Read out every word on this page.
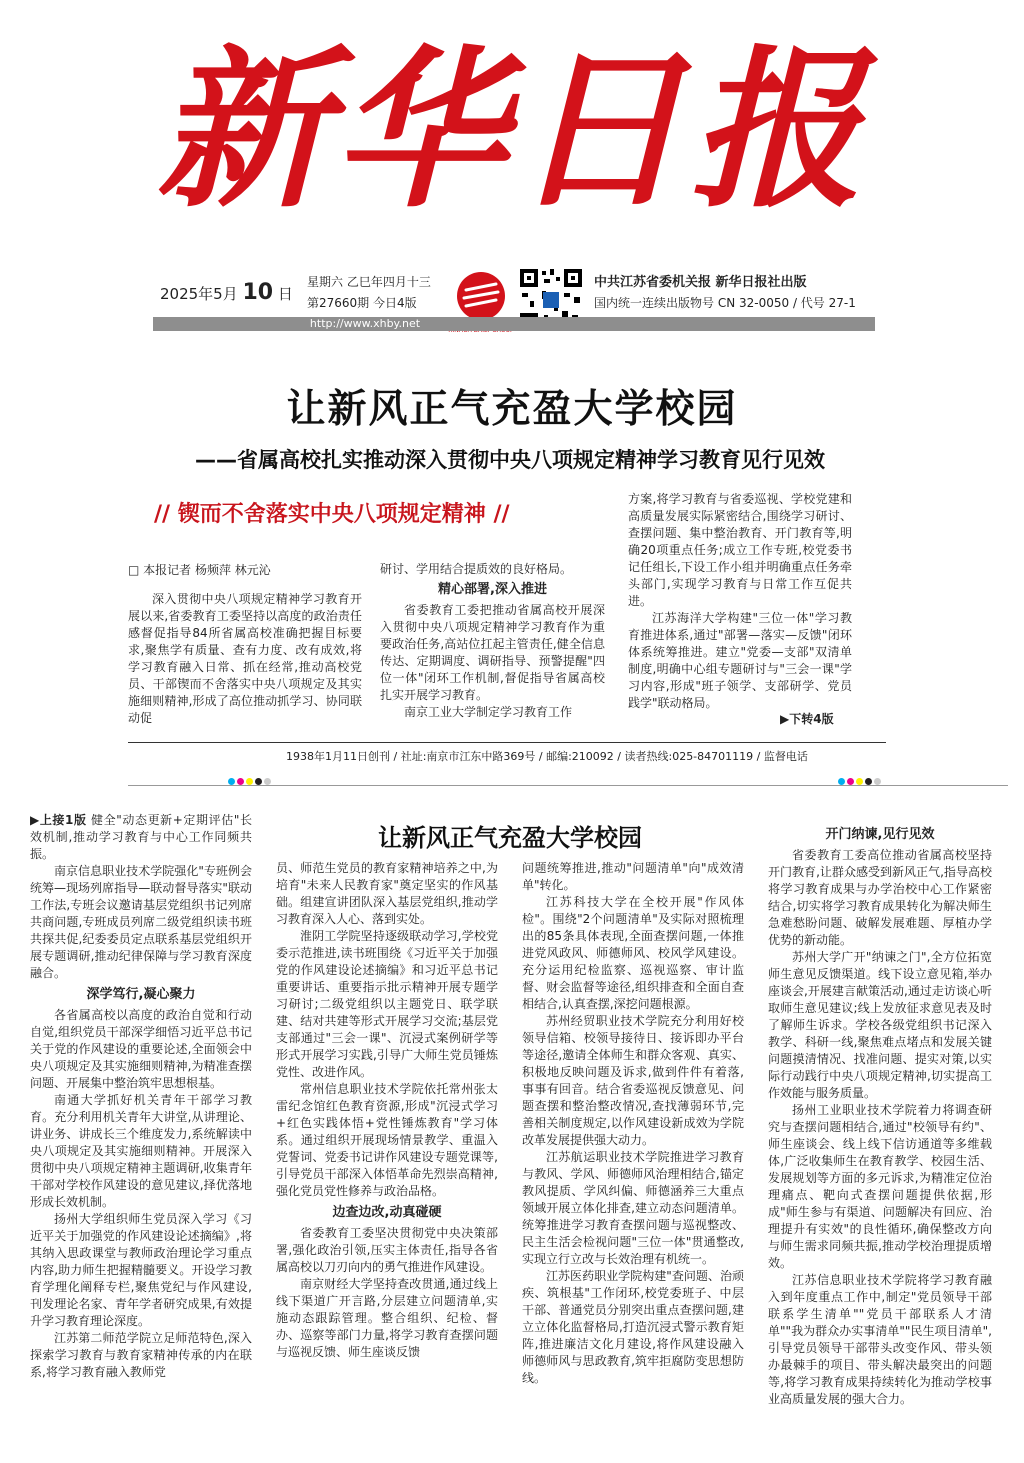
新华日报
2025年5月 10 日
星期六 乙巳年四月十三
第27660期 今日4版
中共江苏省委机关报 新华日报社出版
国内统一连续出版物号 CN 32-0050 / 代号 27-1
http://www.xhby.net
让新风正气充盈大学校园
——省属高校扎实推动深入贯彻中央八项规定精神学习教育见行见效
// 锲而不舍落实中央八项规定精神 //
□ 本报记者 杨频萍 林元沁

深入贯彻中央八项规定精神学习教育开展以来,省委教育工委坚持以高度的政治责任感督促指导84所省属高校准确把握目标要求,聚焦学有质量、查有力度、改有成效,将学习教育融入日常、抓在经常,推动高校党员、干部锲而不舍落实中央八项规定及其实施细则精神,形成了高位推动抓学习、协同联动促

研讨、学用结合提质效的良好格局。

精心部署,深入推进

省委教育工委把推动省属高校开展深入贯彻中央八项规定精神学习教育作为重要政治任务,高站位扛起主管责任,健全信息传达、定期调度、调研指导、预警提醒"四位一体"闭环工作机制,督促指导省属高校扎实开展学习教育。

南京工业大学制定学习教育工作

方案,将学习教育与省委巡视、学校党建和高质量发展实际紧密结合,围绕学习研讨、查摆问题、集中整治教育、开门教育等,明确20项重点任务;成立工作专班,校党委书记任组长,下设工作小组并明确重点任务牵头部门,实现学习教育与日常工作互促共进。

江苏海洋大学构建"三位一体"学习教育推进体系,通过"部署—落实—反馈"闭环体系统筹推进。建立"党委—支部"双清单制度,明确中心组专题研讨与"三会一课"学习内容,形成"班子领学、支部研学、党员践学"联动格局。

▶下转4版
1938年1月11日创刊 / 社址:南京市江东中路369号 / 邮编:210092 / 读者热线:025-84701119 / 监督电话
让新风正气充盈大学校园

▶上接1版 健全"动态更新+定期评估"长效机制,推动学习教育与中心工作同频共振。

南京信息职业技术学院强化"专班例会统筹—现场列席指导—联动督导落实"联动工作法,专班会议邀请基层党组织书记列席共商问题,专班成员列席二级党组织读书班共探共促,纪委委员定点联系基层党组织开展专题调研,推动纪律保障与学习教育深度融合。

深学笃行,凝心聚力

各省属高校以高度的政治自觉和行动自觉,组织党员干部深学细悟习近平总书记关于党的作风建设的重要论述,全面领会中央八项规定及其实施细则精神,为精准查摆问题、开展集中整治筑牢思想根基。

南通大学抓好机关青年干部学习教育。充分利用机关青年大讲堂,从讲理论、讲业务、讲成长三个维度发力,系统解读中央八项规定及其实施细则精神。开展深入贯彻中央八项规定精神主题调研,收集青年干部对学校作风建设的意见建议,择优落地形成长效机制。

扬州大学组织师生党员深入学习《习近平关于加强党的作风建设论述摘编》,将其纳入思政课堂与教师政治理论学习重点内容,助力师生把握精髓要义。开设学习教育学理化阐释专栏,聚焦党纪与作风建设,刊发理论名家、青年学者研究成果,有效提升学习教育理论深度。

江苏第二师范学院立足师范特色,深入探索学习教育与教育家精神传承的内在联系,将学习教育融入教师党

员、师范生党员的教育家精神培养之中,为培育"未来人民教育家"奠定坚实的作风基础。组建宣讲团队深入基层党组织,推动学习教育深入人心、落到实处。

淮阴工学院坚持逐级联动学习,学校党委示范推进,读书班围绕《习近平关于加强党的作风建设论述摘编》和习近平总书记重要讲话、重要指示批示精神开展专题学习研讨;二级党组织以主题党日、联学联建、结对共建等形式开展学习交流;基层党支部通过"三会一课"、沉浸式案例研学等形式开展学习实践,引导广大师生党员锤炼党性、改进作风。

常州信息职业技术学院依托常州张太雷纪念馆红色教育资源,形成"沉浸式学习+红色实践体悟+党性锤炼教育"学习体系。通过组织开展现场情景教学、重温入党誓词、党委书记讲作风建设专题党课等,引导党员干部深入体悟革命先烈崇高精神,强化党员党性修养与政治品格。

边查边改,动真碰硬

省委教育工委坚决贯彻党中央决策部署,强化政治引领,压实主体责任,指导各省属高校以刀刃向内的勇气推进作风建设。

南京财经大学坚持查改贯通,通过线上线下渠道广开言路,分层建立问题清单,实施动态跟踪管理。整合组织、纪检、督办、巡察等部门力量,将学习教育查摆问题与巡视反馈、师生座谈反馈

问题统筹推进,推动"问题清单"向"成效清单"转化。

江苏科技大学在全校开展"作风体检"。围绕"2个问题清单"及实际对照梳理出的85条具体表现,全面查摆问题,一体推进党风政风、师德师风、校风学风建设。充分运用纪检监察、巡视巡察、审计监督、财会监督等途径,组织排查和全面自查相结合,认真查摆,深挖问题根源。

苏州经贸职业技术学院充分利用好校领导信箱、校领导接待日、接诉即办平台等途径,邀请全体师生和群众客观、真实、积极地反映问题及诉求,做到件件有着落,事事有回音。结合省委巡视反馈意见、问题查摆和整治整改情况,查找薄弱环节,完善相关制度规定,以作风建设新成效为学院改革发展提供强大动力。

江苏航运职业技术学院推进学习教育与教风、学风、师德师风治理相结合,锚定教风提质、学风纠偏、师德涵养三大重点领域开展立体化排查,建立动态问题清单。统筹推进学习教育查摆问题与巡视整改、民主生活会检视问题"三位一体"贯通整改,实现立行立改与长效治理有机统一。

江苏医药职业学院构建"查问题、治顽疾、筑根基"工作闭环,校党委班子、中层干部、普通党员分别突出重点查摆问题,建立立体化监督格局,打造沉浸式警示教育矩阵,推进廉洁文化月建设,将作风建设融入师德师风与思政教育,筑牢拒腐防变思想防线。

开门纳谏,见行见效

省委教育工委高位推动省属高校坚持开门教育,让群众感受到新风正气,指导高校将学习教育成果与办学治校中心工作紧密结合,切实将学习教育成果转化为解决师生急难愁盼问题、破解发展难题、厚植办学优势的新动能。

苏州大学广开"纳谏之门",全方位拓宽师生意见反馈渠道。线下设立意见箱,举办座谈会,开展建言献策活动,通过走访谈心听取师生意见建议;线上发放征求意见表及时了解师生诉求。学校各级党组织书记深入教学、科研一线,聚焦难点堵点和发展关键问题摸清情况、找准问题、提实对策,以实际行动践行中央八项规定精神,切实提高工作效能与服务质量。

扬州工业职业技术学院着力将调查研究与查摆问题相结合,通过"校领导有约"、师生座谈会、线上线下信访通道等多维载体,广泛收集师生在教育教学、校园生活、发展规划等方面的多元诉求,为精准定位治理痛点、靶向式查摆问题提供依据,形成"师生参与有渠道、问题解决有回应、治理提升有实效"的良性循环,确保整改方向与师生需求同频共振,推动学校治理提质增效。

江苏信息职业技术学院将学习教育融入到年度重点工作中,制定"党员领导干部联系学生清单""党员干部联系人才清单""我为群众办实事清单""民生项目清单",引导党员领导干部带头改变作风、带头领办最棘手的项目、带头解决最突出的问题等,将学习教育成果持续转化为推动学校事业高质量发展的强大合力。
